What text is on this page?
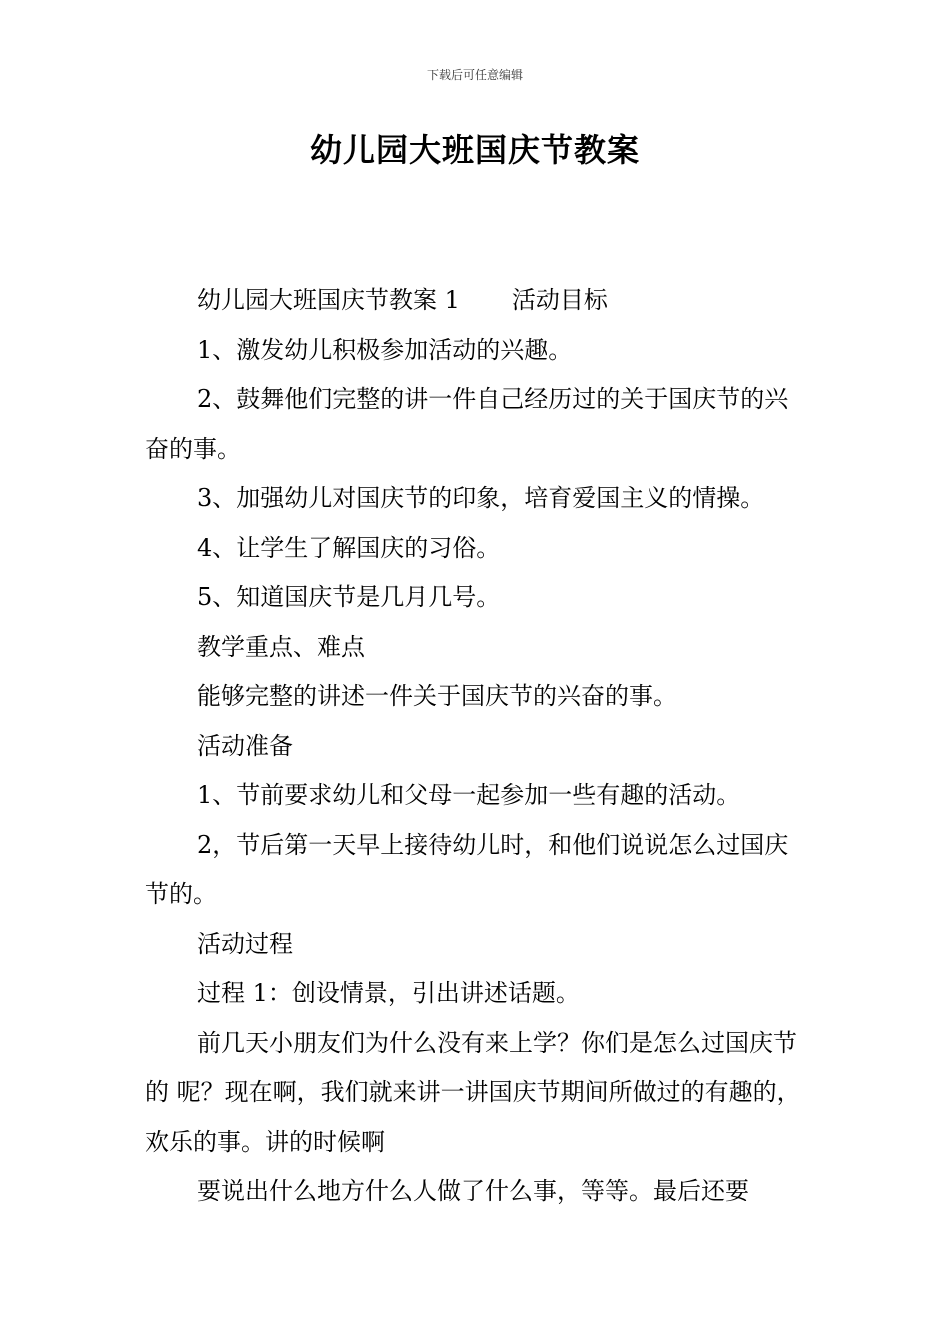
下载后可任意编辑
幼儿园大班国庆节教案

幼儿园大班国庆节教案 1 活动目标

1、激发幼儿积极参加活动的兴趣。

2、鼓舞他们完整的讲一件自己经历过的关于国庆节的兴奋的事。

3、加强幼儿对国庆节的印象，培育爱国主义的情操。

4、让学生了解国庆的习俗。

5、知道国庆节是几月几号。

教学重点、难点

能够完整的讲述一件关于国庆节的兴奋的事。

活动准备

1、节前要求幼儿和父母一起参加一些有趣的活动。

2，节后第一天早上接待幼儿时，和他们说说怎么过国庆节的。

活动过程

过程 1：创设情景，引出讲述话题。

前几天小朋友们为什么没有来上学？你们是怎么过国庆节的 呢？现在啊，我们就来讲一讲国庆节期间所做过的有趣的，欢乐的事。讲的时候啊

要说出什么地方什么人做了什么事，等等。最后还要
